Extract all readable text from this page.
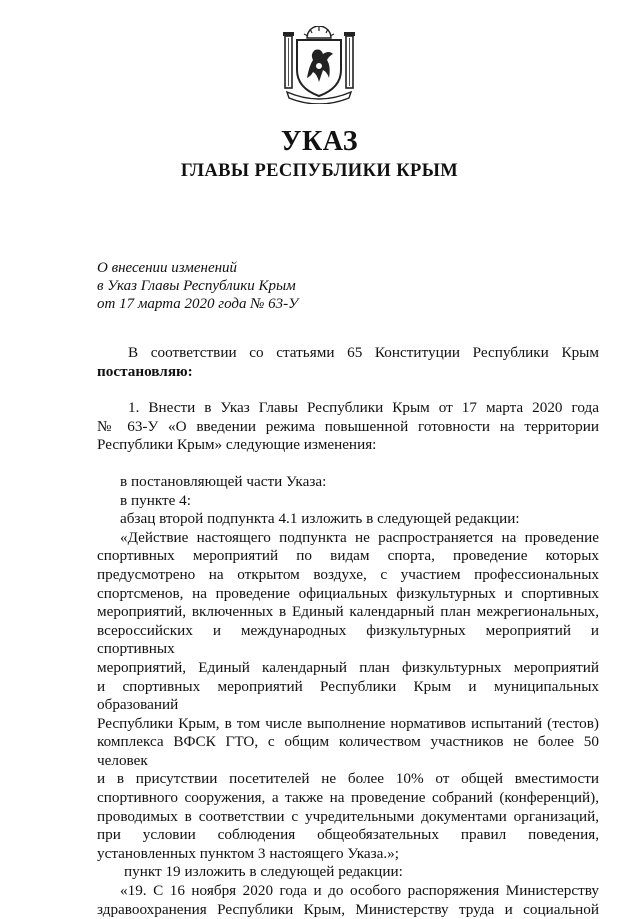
УКАЗ
ГЛАВЫ РЕСПУБЛИКИ КРЫМ
О внесении изменений
в Указ Главы Республики Крым
от 17 марта 2020 года № 63-У

В соответствии со статьями 65 Конституции Республики Крым

постановляю:

1. Внести в Указ Главы Республики Крым от 17 марта 2020 года

№ 63-У «О введении режима повышенной готовности на территории

Республики Крым» следующие изменения:

в постановляющей части Указа:

в пункте 4:

абзац второй подпункта 4.1 изложить в следующей редакции:

«Действие настоящего подпункта не распространяется на проведение

спортивных мероприятий по видам спорта, проведение которых

предусмотрено на открытом воздухе, с участием профессиональных

спортсменов, на проведение официальных физкультурных и спортивных

мероприятий, включенных в Единый календарный план межрегиональных,

всероссийских и международных физкультурных мероприятий и спортивных

мероприятий, Единый календарный план физкультурных мероприятий

и спортивных мероприятий Республики Крым и муниципальных образований

Республики Крым, в том числе выполнение нормативов испытаний (тестов)

комплекса ВФСК ГТО, с общим количеством участников не более 50 человек

и в присутствии посетителей не более 10% от общей вместимости

спортивного сооружения, а также на проведение собраний (конференций),

проводимых в соответствии с учредительными документами организаций,

при условии соблюдения общеобязательных правил поведения,

установленных пунктом 3 настоящего Указа.»;

пункт 19 изложить в следующей редакции:

«19. С 16 ноября 2020 года и до особого распоряжения Министерству

здравоохранения Республики Крым, Министерству труда и социальной
